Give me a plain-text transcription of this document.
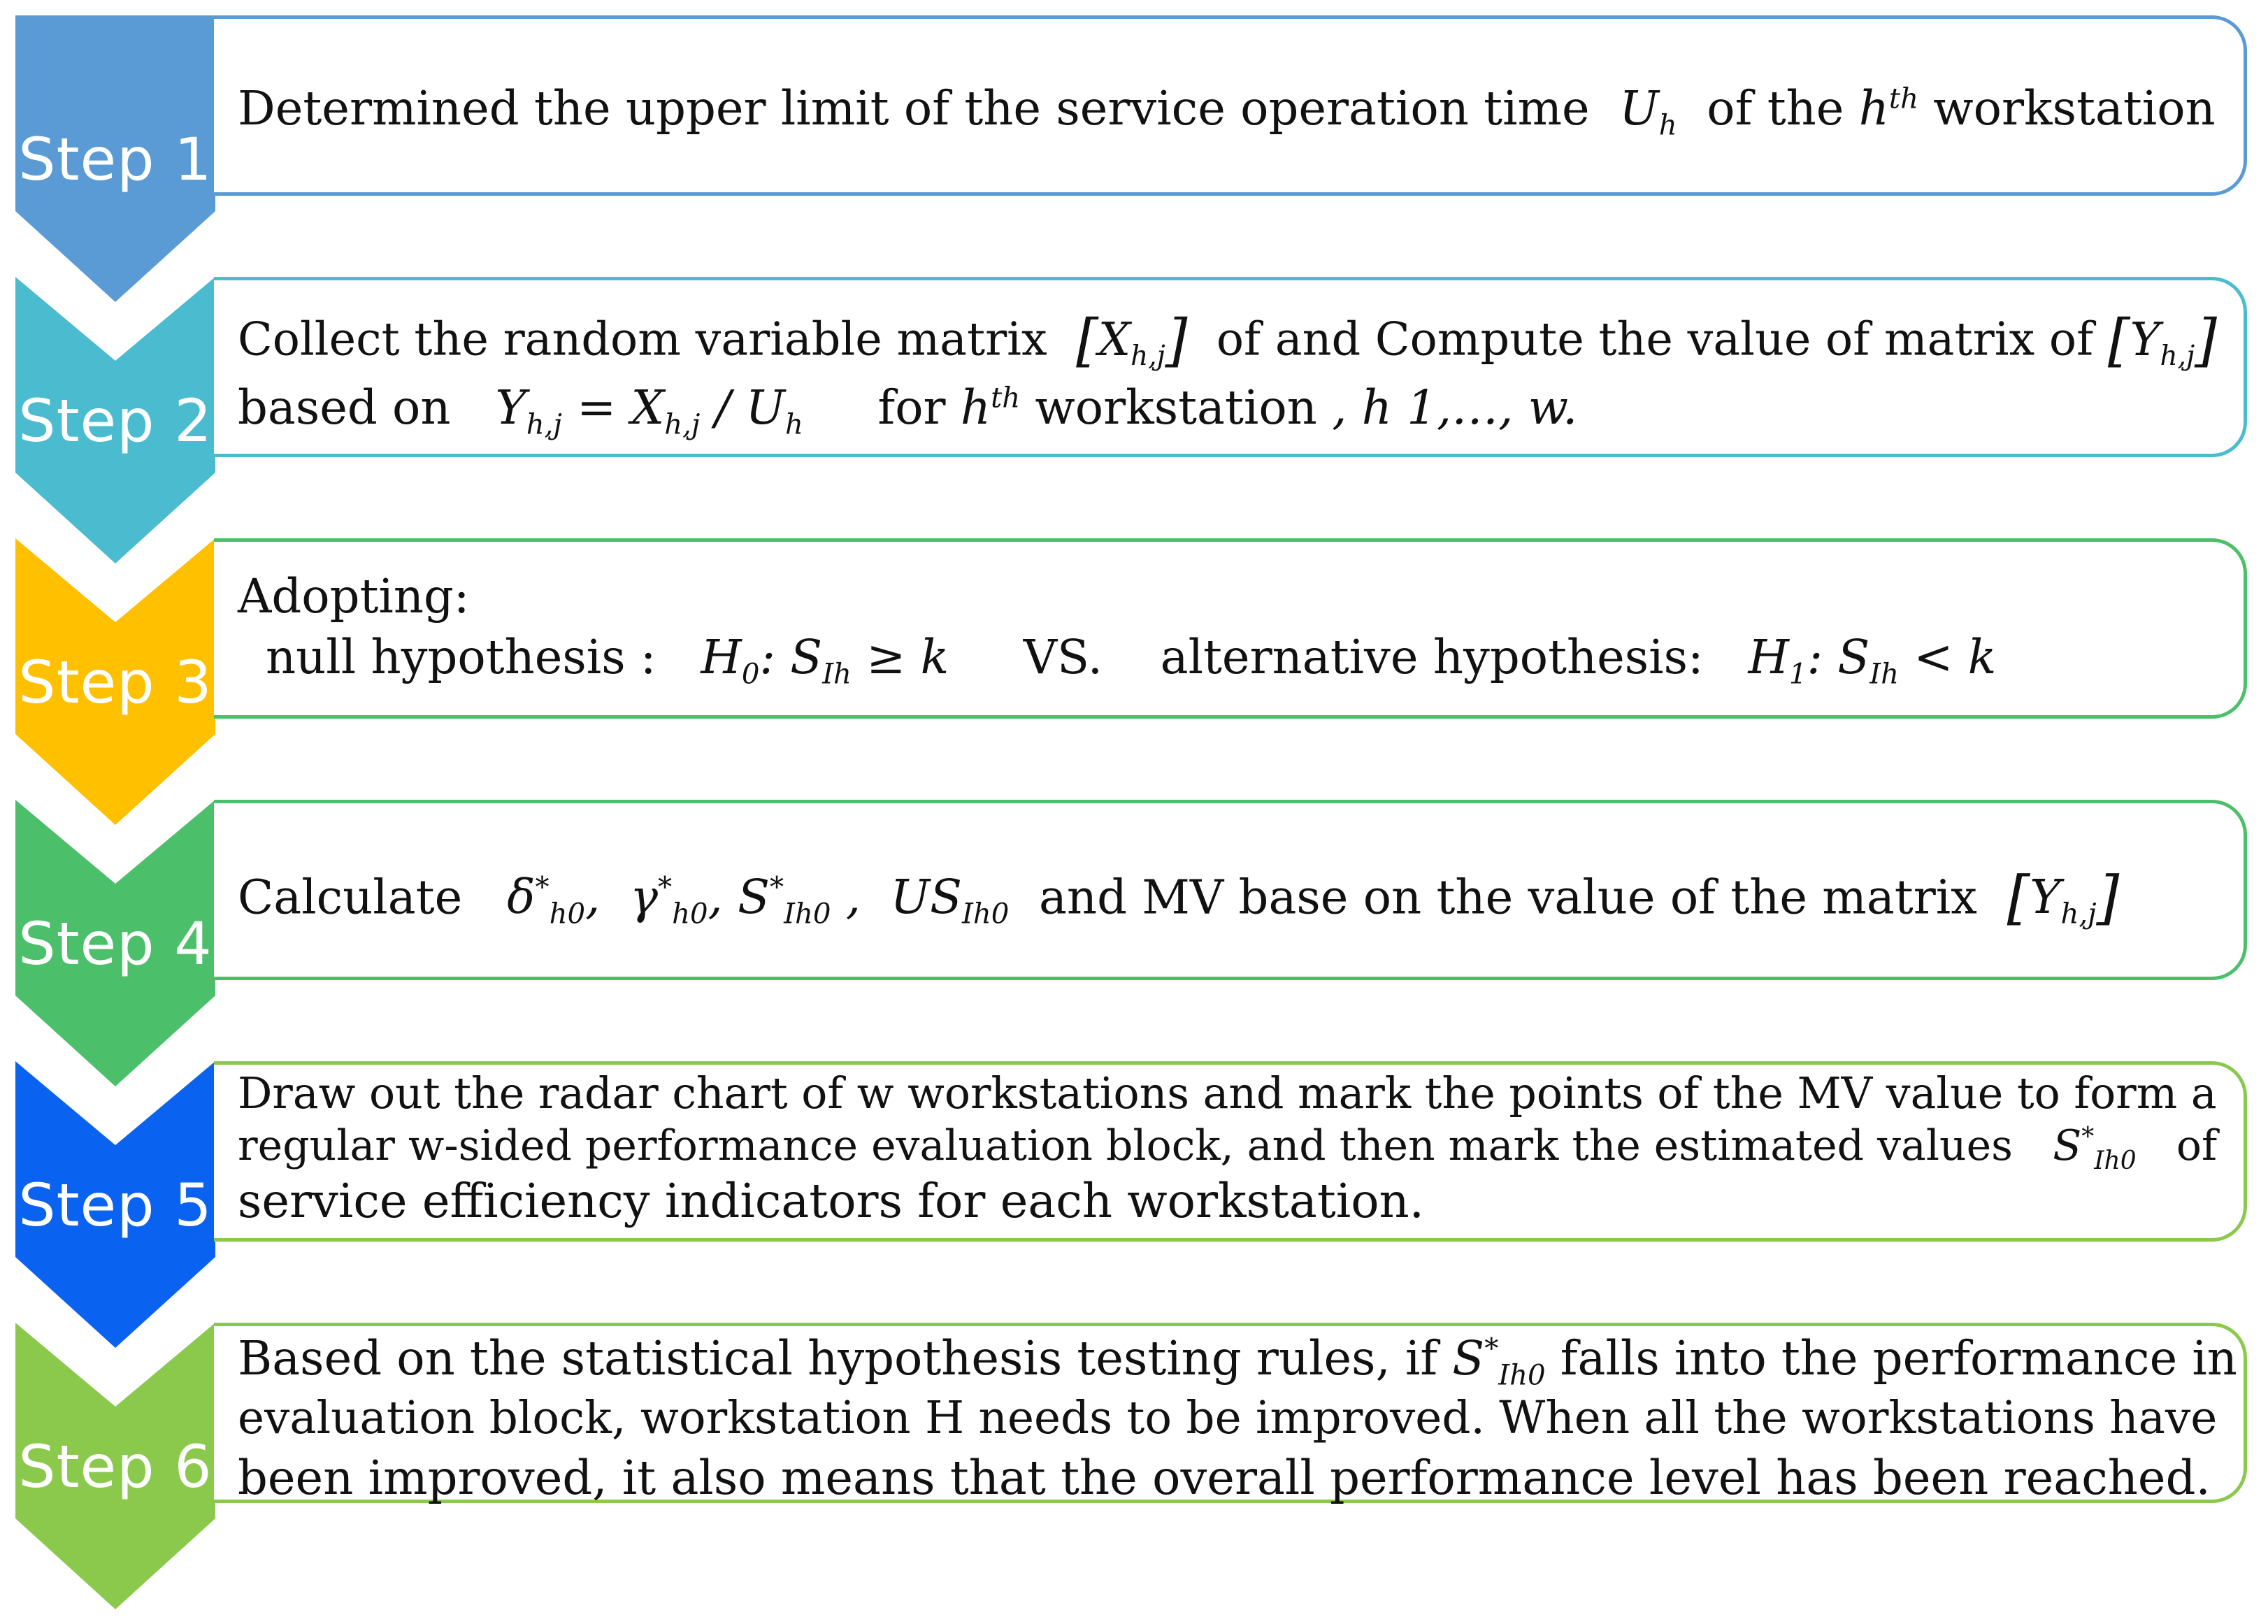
Step 1
Determined the upper limit of the service operation time  $U_h$ of the $h^{th}$ workstation
Step 2
Collect the random variable matrix $[X_{h,j}]$ of and Compute the value of matrix of $[Y_{h,j}]$
based on   $Y_{h,j} = X_{h,j} / U_h$ for $h^{th}$ workstation , h 1,…, w.
Step 3
Adopting:
null hypothesis :   $H_0$: $S_{Ih} \ge k$     VS. alternative hypothesis:   $H_1$: $S_{Ih} < k$
Step 4
Calculate   $\delta^*_{h0}$,  $\gamma^*_{h0}$, $S^*_{Ih0}$ ,  $US_{Ih0}$ and MV base on the value of the matrix $[Y_{h,j}]$
Step 5
Draw out the radar chart of w workstations and mark the points of the MV value to form a
regular w-sided performance evaluation block, and then mark the estimated values   $S^*_{Ih0}$ of
service efficiency indicators for each workstation.
Step 6
Based on the statistical hypothesis testing rules, if $S^*_{Ih0}$ falls into the performance in
evaluation block, workstation H needs to be improved. When all the workstations have
been improved, it also means that the overall performance level has been reached.
